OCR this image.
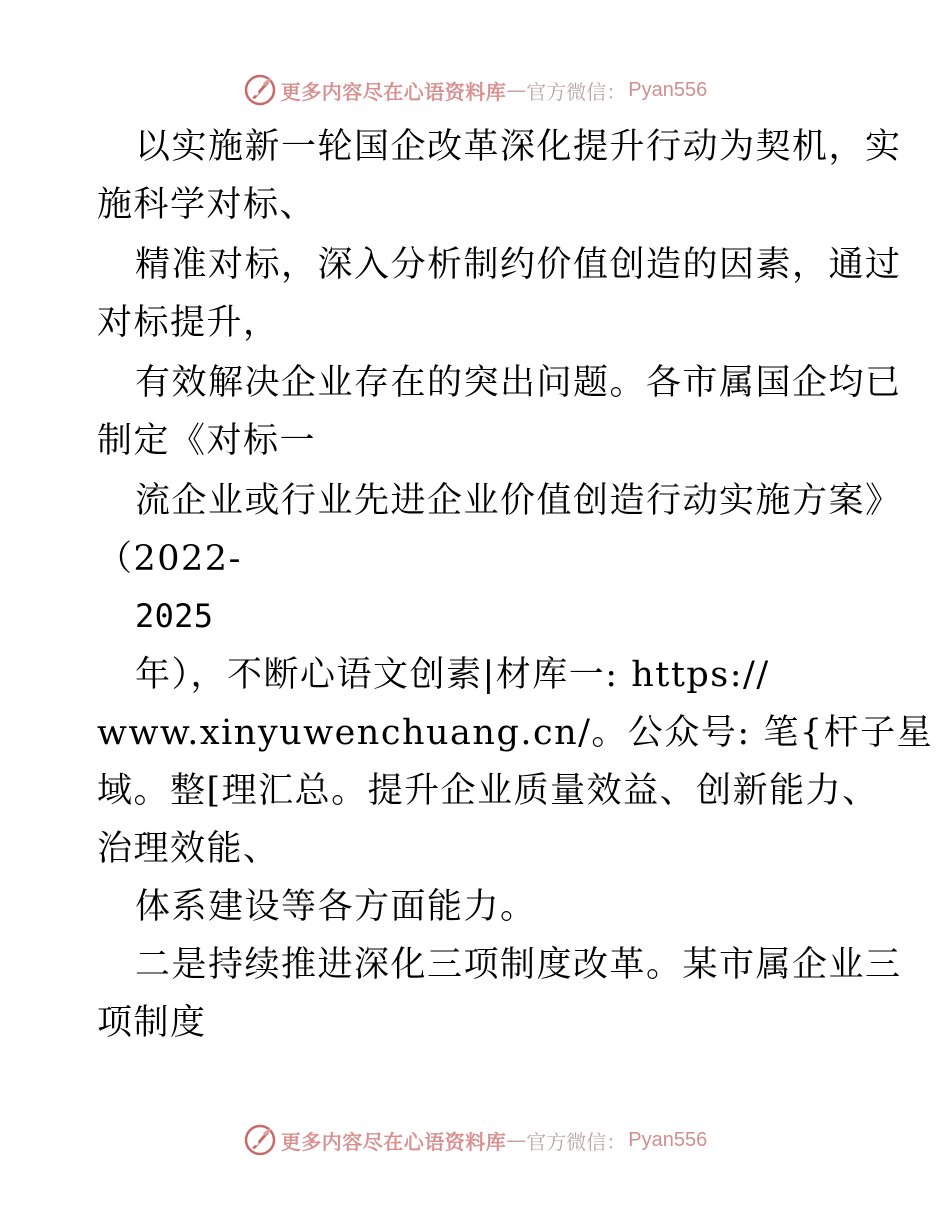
更多内容尽在心语资料库 — 官方微信： Pyan556
以实施新一轮国企改革深化提升行动为契机，实
施科学对标、
精准对标，深入分析制约价值创造的因素，通过
对标提升，
有效解决企业存在的突出问题。各市属国企均已
制定《对标一
流企业或行业先进企业价值创造行动实施方案》
（2022-
2025
年），不断心语文创素|材库一: https://
www.xinyuwenchuang.cn/。公众号: 笔{杆子星
域。整[理汇总。提升企业质量效益、创新能力、
治理效能、
体系建设等各方面能力。
二是持续推进深化三项制度改革。某市属企业三
项制度
更多内容尽在心语资料库 — 官方微信： Pyan556
